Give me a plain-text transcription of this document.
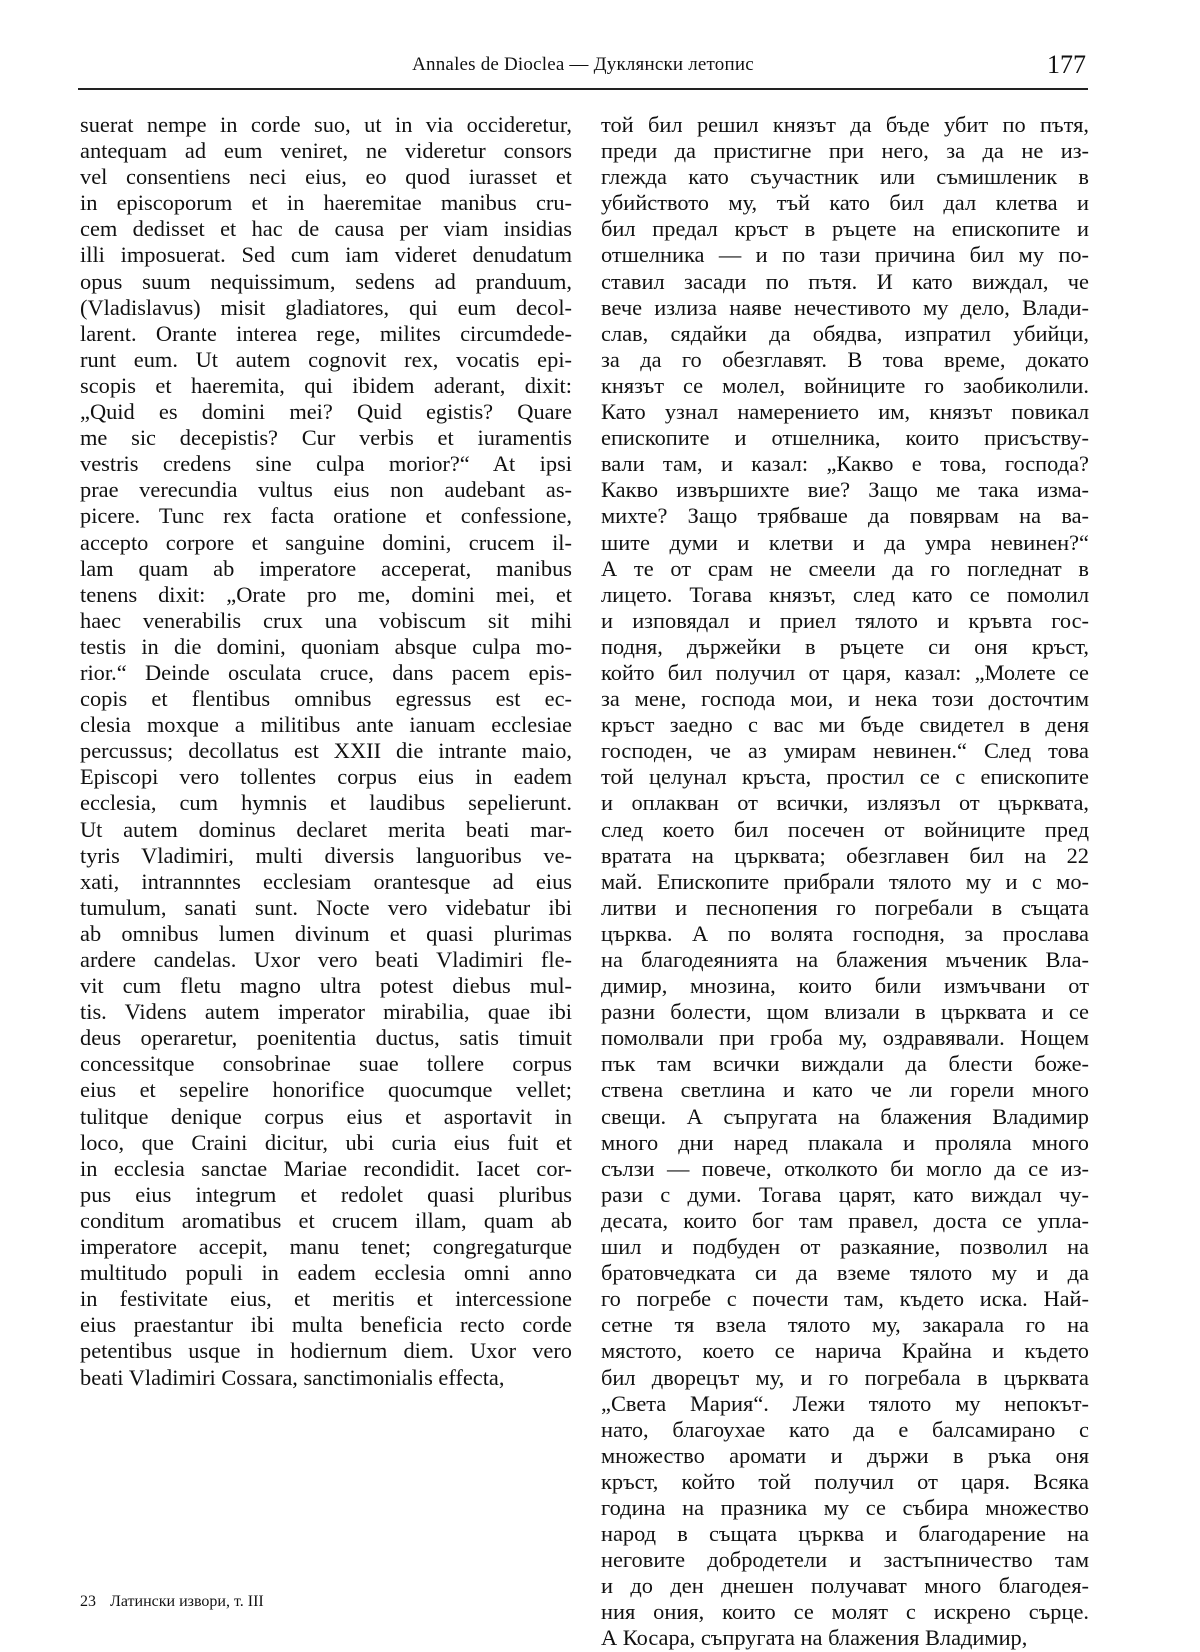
Annales de Dioclea — Дуклянски летопис	177
suerat nempe in corde suo, ut in via occideretur,
antequam ad eum veniret, ne videretur consors
vel consentiens neci eius, eo quod iurasset et
in episcoporum et in haeremitae manibus cru-
cem dedisset et hac de causa per viam insidias
illi imposuerat. Sed cum iam videret denudatum
opus suum nequissimum, sedens ad pranduum,
(Vladislavus) misit gladiatores, qui eum decol-
larent. Orante interea rege, milites circumdede-
runt eum. Ut autem cognovit rex, vocatis epi-
scopis et haeremita, qui ibidem aderant, dixit:
„Quid es domini mei? Quid egistis? Quare
me sic decepistis? Cur verbis et iuramentis
vestris credens sine culpa morior?“ At ipsi
prae verecundia vultus eius non audebant as-
picere. Tunc rex facta oratione et confessione,
accepto corpore et sanguine domini, crucem il-
lam quam ab imperatore acceperat, manibus
tenens dixit: „Orate pro me, domini mei, et
haec venerabilis crux una vobiscum sit mihi
testis in die domini, quoniam absque culpa mo-
rior.“ Deinde osculata cruce, dans pacem epis-
copis et flentibus omnibus egressus est ec-
clesia moxque a militibus ante ianuam ecclesiae
percussus; decollatus est XXII die intrante maio,
Episcopi vero tollentes corpus eius in eadem
ecclesia, cum hymnis et laudibus sepelierunt.
Ut autem dominus declaret merita beati mar-
tyris Vladimiri, multi diversis languoribus ve-
xati, intrannntes ecclesiam orantesque ad eius
tumulum, sanati sunt. Nocte vero videbatur ibi
ab omnibus lumen divinum et quasi plurimas
ardere candelas. Uxor vero beati Vladimiri fle-
vit cum fletu magno ultra potest diebus mul-
tis. Videns autem imperator mirabilia, quae ibi
deus operaretur, poenitentia ductus, satis timuit
concessitque consobrinae suae tollere corpus
eius et sepelire honorifice quocumque vellet;
tulitque denique corpus eius et asportavit in
loco, que Craini dicitur, ubi curia eius fuit et
in ecclesia sanctae Mariae recondidit. Iacet cor-
pus eius integrum et redolet quasi pluribus
conditum aromatibus et crucem illam, quam ab
imperatore accepit, manu tenet; congregaturque
multitudo populi in eadem ecclesia omni anno
in festivitate eius, et meritis et intercessione
eius praestantur ibi multa beneficia recto corde
petentibus usque in hodiernum diem. Uxor vero
beati Vladimiri Cossara, sanctimonialis effecta,
той бил решил князът да бъде убит по пътя,
преди да пристигне при него, за да не из-
глежда като съучастник или съмишленик в
убийството му, тъй като бил дал клетва и
бил предал кръст в ръцете на епископите и
отшелника — и по тази причина бил му по-
ставил засади по пътя. И като виждал, че
вече излиза наяве нечестивото му дело, Влади-
слав, сядайки да обядва, изпратил убийци,
за да го обезглавят. В това време, докато
князът се молел, войниците го заобиколили.
Като узнал намерението им, князът повикал
епископите и отшелника, които присъству-
вали там, и казал: „Какво е това, господа?
Какво извършихте вие? Защо ме така изма-
михте? Защо трябваше да повярвам на ва-
шите думи и клетви и да умра невинен?“
А те от срам не смеели да го погледнат в
лицето. Тогава князът, след като се помолил
и изповядал и приел тялото и кръвта гос-
подня, държейки в ръцете си оня кръст,
който бил получил от царя, казал: „Молете се
за мене, господа мои, и нека този досточтим
кръст заедно с вас ми бъде свидетел в деня
господен, че аз умирам невинен.“ След това
той целунал кръста, простил се с епископите
и оплакван от всички, излязъл от църквата,
след което бил посечен от войниците пред
вратата на църквата; обезглавен бил на 22
май. Епископите прибрали тялото му и с мо-
литви и песнопения го погребали в същата
църква. А по волята господня, за прослава
на благодеянията на блажения мъченик Вла-
димир, мнозина, които били измъчвани от
разни болести, щом влизали в църквата и се
помолвали при гроба му, оздравявали. Нощем
пък там всички виждали да блести боже-
ствена светлина и като че ли горели много
свещи. А съпругата на блажения Владимир
много дни наред плакала и проляла много
сълзи — повече, отколкото би могло да се из-
рази с думи. Тогава царят, като виждал чу-
десата, които бог там правел, доста се упла-
шил и подбуден от разкаяние, позволил на
братовчедката си да вземе тялото му и да
го погребе с почести там, където иска. Най-
сетне тя взела тялото му, закарала го на
мястото, което се нарича Крайна и където
бил дворецът му, и го погребала в църквата
„Света Мария“. Лежи тялото му непокът-
нато, благоухае като да е балсамирано с
множество аромати и държи в ръка оня
кръст, който той получил от царя. Всяка
година на празника му се събира множество
народ в същата църква и благодарение на
неговите добродетели и застъпничество там
и до ден днешен получават много благодея-
ния ония, които се молят с искрено сърце.
А Косара, съпругата на блажения Владимир,
23 Латински извори, т. III
